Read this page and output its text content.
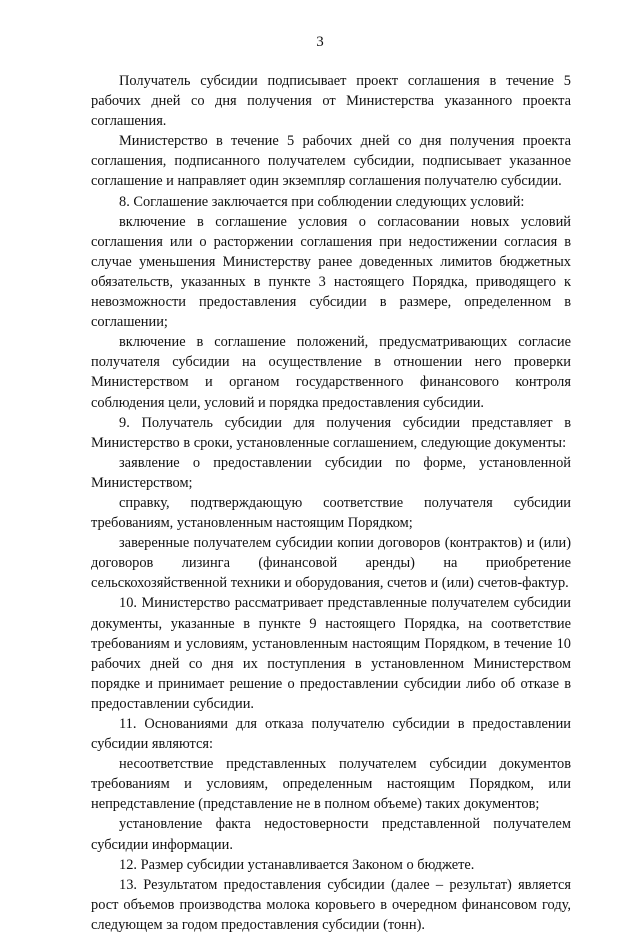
3

Получатель субсидии подписывает проект соглашения в течение 5 рабочих дней со дня получения от Министерства указанного проекта соглашения.

Министерство в течение 5 рабочих дней со дня получения проекта соглашения, подписанного получателем субсидии, подписывает указанное соглашение и направляет один экземпляр соглашения получателю субсидии.

8. Соглашение заключается при соблюдении следующих условий:

включение в соглашение условия о согласовании новых условий соглашения или о расторжении соглашения при недостижении согласия в случае уменьшения Министерству ранее доведенных лимитов бюджетных обязательств, указанных в пункте 3 настоящего Порядка, приводящего к невозможности предоставления субсидии в размере, определенном в соглашении;

включение в соглашение положений, предусматривающих согласие получателя субсидии на осуществление в отношении него проверки Министерством и органом государственного финансового контроля соблюдения цели, условий и порядка предоставления субсидии.

9. Получатель субсидии для получения субсидии представляет в Министерство в сроки, установленные соглашением, следующие документы:

заявление о предоставлении субсидии по форме, установленной Министерством;

справку, подтверждающую соответствие получателя субсидии требованиям, установленным настоящим Порядком;

заверенные получателем субсидии копии договоров (контрактов) и (или) договоров лизинга (финансовой аренды) на приобретение сельскохозяйственной техники и оборудования, счетов и (или) счетов-фактур.

10. Министерство рассматривает представленные получателем субсидии документы, указанные в пункте 9 настоящего Порядка, на соответствие требованиям и условиям, установленным настоящим Порядком, в течение 10 рабочих дней со дня их поступления в установленном Министерством порядке и принимает решение о предоставлении субсидии либо об отказе в предоставлении субсидии.

11. Основаниями для отказа получателю субсидии в предоставлении субсидии являются:

несоответствие представленных получателем субсидии документов требованиям и условиям, определенным настоящим Порядком, или непредставление (представление не в полном объеме) таких документов;

установление факта недостоверности представленной получателем субсидии информации.

12. Размер субсидии устанавливается Законом о бюджете.

13. Результатом предоставления субсидии (далее – результат) является рост объемов производства молока коровьего в очередном финансовом году, следующем за годом предоставления субсидии (тонн).
